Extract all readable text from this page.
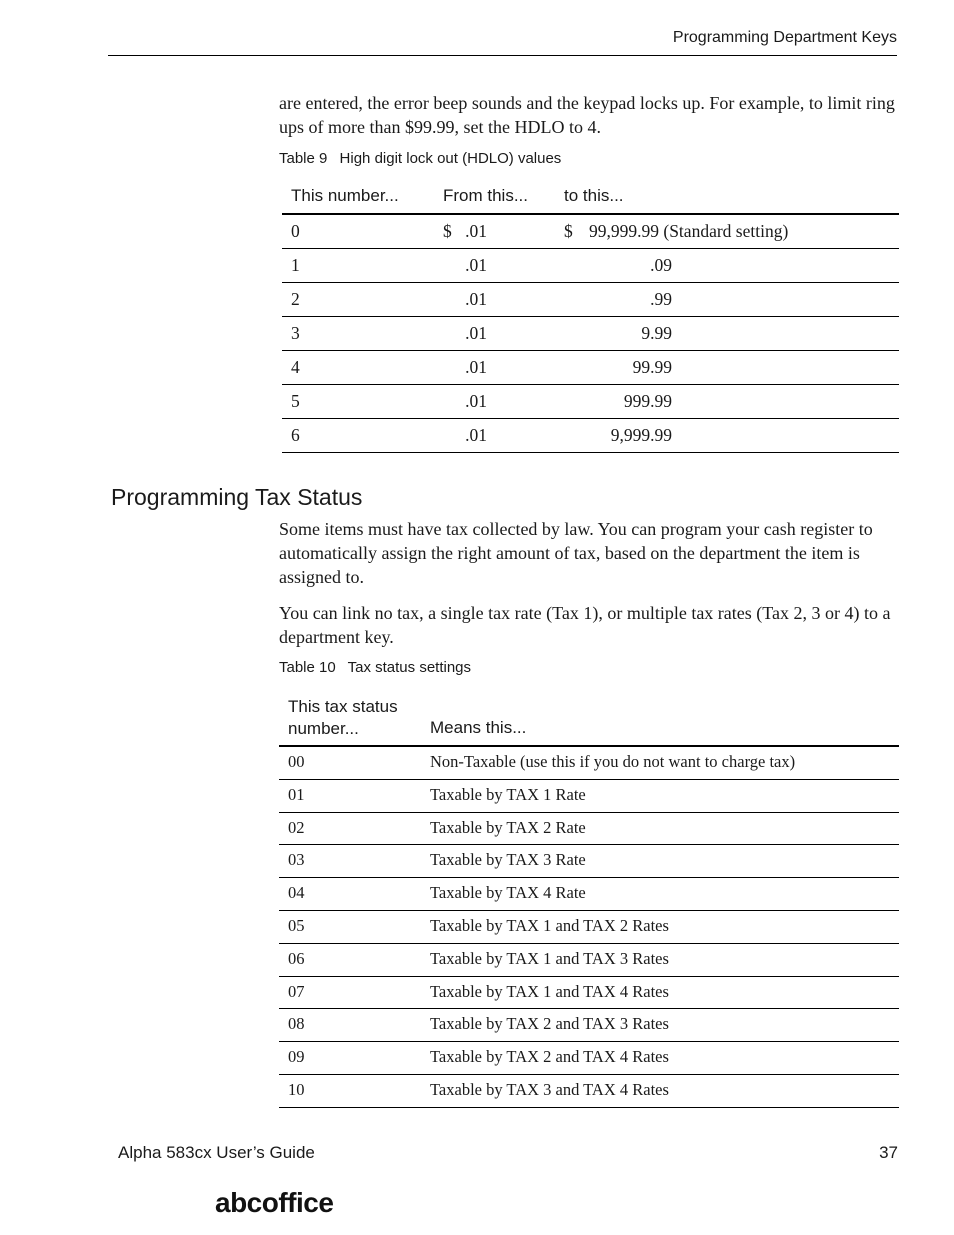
Programming Department Keys

are entered, the error beep sounds and the keypad locks up. For example, to limit ring ups of more than $99.99, set the HDLO to 4.

Table 9 High digit lock out (HDLO) values
This number...	From this... to this...
0	$ .01	$ 99,999.99 (Standard setting)
1	.01	.09
2	.01	.99
3	.01	9.99
4	.01	99.99
5	.01	999.99
6	.01	9,999.99
Programming Tax Status

Some items must have tax collected by law. You can program your cash register to automatically assign the right amount of tax, based on the department the item is assigned to.

You can link no tax, a single tax rate (Tax 1), or multiple tax rates (Tax 2, 3 or 4) to a department key.

Table 10 Tax status settings
This tax status number...	Means this...
00	Non-Taxable (use this if you do not want to charge tax)
01	Taxable by TAX 1 Rate
02	Taxable by TAX 2 Rate
03	Taxable by TAX 3 Rate
04	Taxable by TAX 4 Rate
05	Taxable by TAX 1 and TAX 2 Rates
06	Taxable by TAX 1 and TAX 3 Rates
07	Taxable by TAX 1 and TAX 4 Rates
08	Taxable by TAX 2 and TAX 3 Rates
09	Taxable by TAX 2 and TAX 4 Rates
10	Taxable by TAX 3 and TAX 4 Rates
Alpha 583cx User’s Guide	37
abcoffice
